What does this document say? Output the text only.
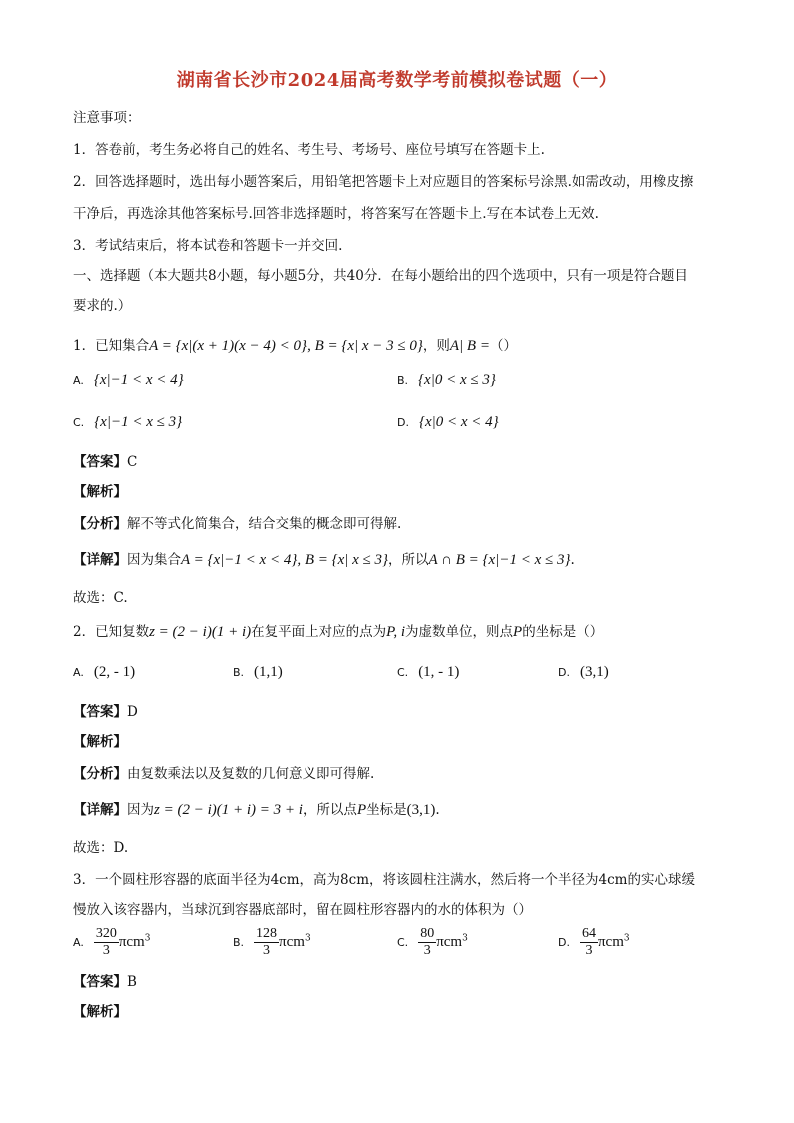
湖南省长沙市2024届高考数学考前模拟卷试题（一）
注意事项：
1．答卷前，考生务必将自己的姓名、考生号、考场号、座位号填写在答题卡上.
2．回答选择题时，选出每小题答案后，用铅笔把答题卡上对应题目的答案标号涂黑.如需改动，用橡皮擦
干净后，再选涂其他答案标号.回答非选择题时，将答案写在答题卡上.写在本试卷上无效.
3．考试结束后，将本试卷和答题卡一并交回.
一、选择题（本大题共8小题，每小题5分，共40分．在每小题给出的四个选项中，只有一项是符合题目
要求的.）
1．已知集合A = {x|(x + 1)(x − 4) < 0}, B = {x| x − 3 ≤ 0}，则A| B =（）
A. {x|−1 < x < 4}	B. {x|0 < x ≤ 3}
C. {x|−1 < x ≤ 3}	D. {x|0 < x < 4}
【答案】C
【解析】
【分析】解不等式化简集合，结合交集的概念即可得解.
【详解】因为集合A = {x|−1 < x < 4}, B = {x| x ≤ 3}，所以A ∩ B = {x|−1 < x ≤ 3}.
故选：C.
2．已知复数z = (2 − i)(1 + i)在复平面上对应的点为P, i为虚数单位，则点P的坐标是（）
A. (2, - 1)	B. (1,1)	C. (1, - 1)	D. (3,1)
【答案】D
【解析】
【分析】由复数乘法以及复数的几何意义即可得解.
【详解】因为z = (2 − i)(1 + i) = 3 + i，所以点P坐标是(3,1).
故选：D.
3．一个圆柱形容器的底面半径为4cm，高为8cm，将该圆柱注满水，然后将一个半径为4cm的实心球缓
慢放入该容器内，当球沉到容器底部时，留在圆柱形容器内的水的体积为（）
A. $\frac{320}{3} \pi cm^3$	B. $\frac{128}{3} \pi cm^3$	C. $\frac{80}{3} \pi cm^3$	D. $\frac{64}{3} \pi cm^3$
【答案】B
【解析】
